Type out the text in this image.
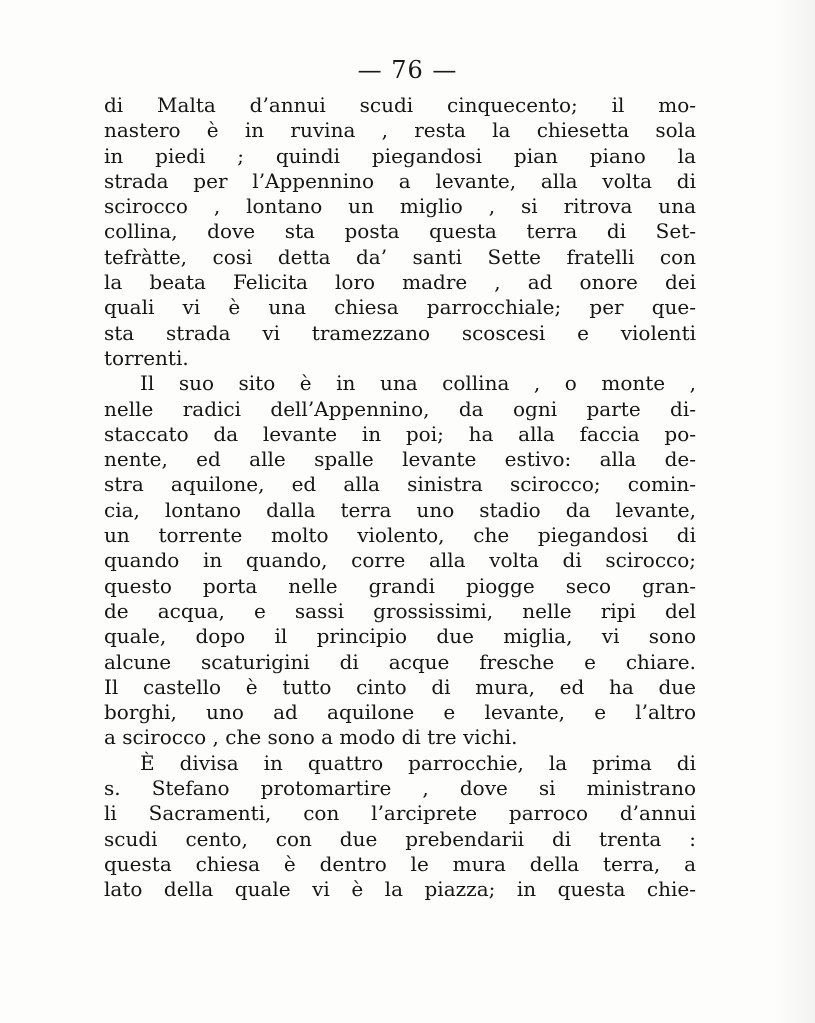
— 76 —
di Malta d’annui scudi cinquecento; il mo-
nastero è in ruvina , resta la chiesetta sola
in piedi ; quindi piegandosi pian piano la
strada per l’Appennino a levante, alla volta di
scirocco , lontano un miglio , si ritrova una
collina, dove sta posta questa terra di Set-
tefràtte, cosi detta da’ santi Sette fratelli con
la beata Felicita loro madre , ad onore dei
quali vi è una chiesa parrocchiale; per que-
sta strada vi tramezzano scoscesi e violenti
torrenti.
Il suo sito è in una collina , o monte ,
nelle radici dell’Appennino, da ogni parte di-
staccato da levante in poi; ha alla faccia po-
nente, ed alle spalle levante estivo: alla de-
stra aquilone, ed alla sinistra scirocco; comin-
cia, lontano dalla terra uno stadio da levante,
un torrente molto violento, che piegandosi di
quando in quando, corre alla volta di scirocco;
questo porta nelle grandi piogge seco gran-
de acqua, e sassi grossissimi, nelle ripi del
quale, dopo il principio due miglia, vi sono
alcune scaturigini di acque fresche e chiare.
Il castello è tutto cinto di mura, ed ha due
borghi, uno ad aquilone e levante, e l’altro
a scirocco , che sono a modo di tre vichi.
È divisa in quattro parrocchie, la prima di
s. Stefano protomartire , dove si ministrano
li Sacramenti, con l’arciprete parroco d’annui
scudi cento, con due prebendarii di trenta :
questa chiesa è dentro le mura della terra, a
lato della quale vi è la piazza; in questa chie-
